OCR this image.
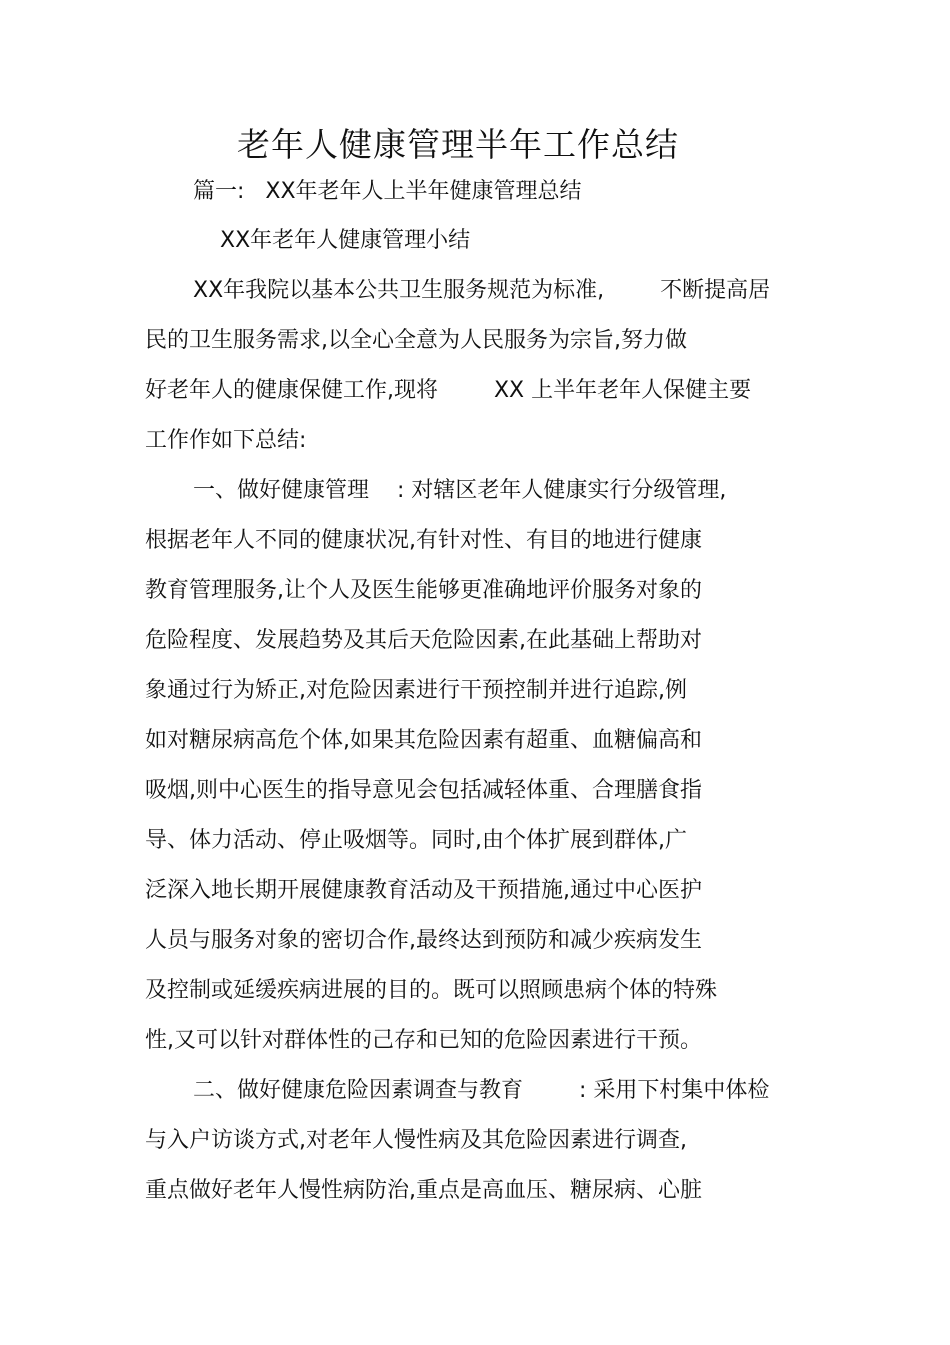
老年人健康管理半年工作总结
篇一:   XX年老年人上半年健康管理总结
XX年老年人健康管理小结
XX年我院以基本公共卫生服务规范为标准,        不断提高居
民的卫生服务需求,以全心全意为人民服务为宗旨,努力做
好老年人的健康保健工作,现将        XX 上半年老年人保健主要
工作作如下总结:
一、做好健康管理    : 对辖区老年人健康实行分级管理,
根据老年人不同的健康状况,有针对性、有目的地进行健康
教育管理服务,让个人及医生能够更准确地评价服务对象的
危险程度、发展趋势及其后天危险因素,在此基础上帮助对
象通过行为矫正,对危险因素进行干预控制并进行追踪,例
如对糖尿病高危个体,如果其危险因素有超重、血糖偏高和
吸烟,则中心医生的指导意见会包括减轻体重、合理膳食指
导、体力活动、停止吸烟等。同时,由个体扩展到群体,广
泛深入地长期开展健康教育活动及干预措施,通过中心医护
人员与服务对象的密切合作,最终达到预防和减少疾病发生
及控制或延缓疾病进展的目的。既可以照顾患病个体的特殊
性,又可以针对群体性的己存和已知的危险因素进行干预。
二、做好健康危险因素调查与教育        : 采用下村集中体检
与入户访谈方式,对老年人慢性病及其危险因素进行调查,
重点做好老年人慢性病防治,重点是高血压、糖尿病、心脏
